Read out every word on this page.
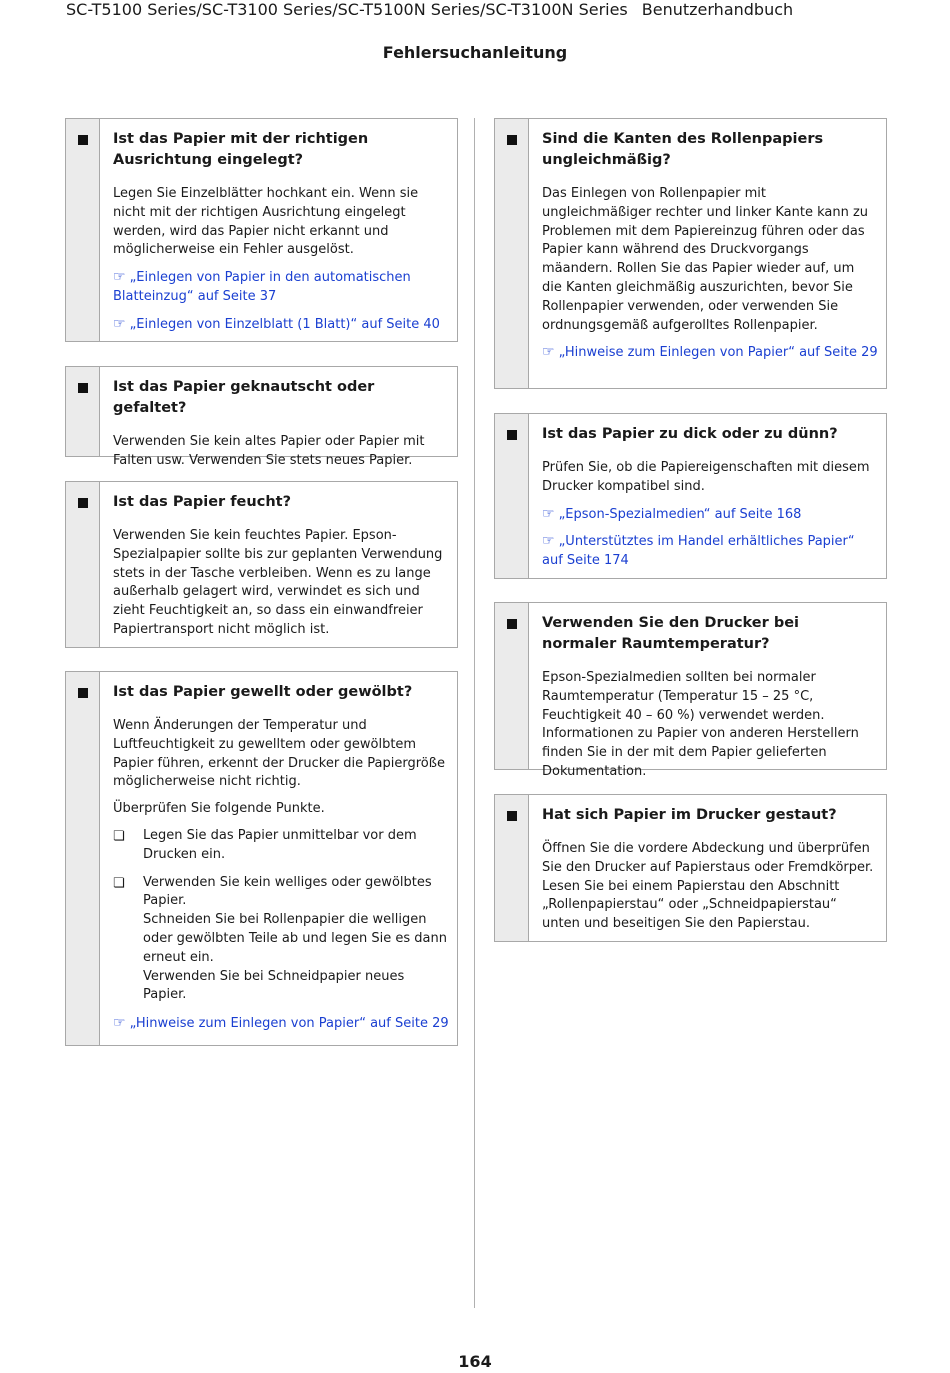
SC-T5100 Series/SC-T3100 Series/SC-T5100N Series/SC-T3100N Series Benutzerhandbuch
Fehlersuchanleitung
Ist das Papier mit der richtigen Ausrichtung eingelegt?
Legen Sie Einzelblätter hochkant ein. Wenn sie nicht mit der richtigen Ausrichtung eingelegt werden, wird das Papier nicht erkannt und möglicherweise ein Fehler ausgelöst.
☞ „Einlegen von Papier in den automatischen Blatteinzug“ auf Seite 37
☞ „Einlegen von Einzelblatt (1 Blatt)“ auf Seite 40
Ist das Papier geknautscht oder gefaltet?
Verwenden Sie kein altes Papier oder Papier mit Falten usw. Verwenden Sie stets neues Papier.
Ist das Papier feucht?
Verwenden Sie kein feuchtes Papier. Epson-Spezialpapier sollte bis zur geplanten Verwendung stets in der Tasche verbleiben. Wenn es zu lange außerhalb gelagert wird, verwindet es sich und zieht Feuchtigkeit an, so dass ein einwandfreier Papiertransport nicht möglich ist.
Ist das Papier gewellt oder gewölbt?
Wenn Änderungen der Temperatur und Luftfeuchtigkeit zu gewelltem oder gewölbtem Papier führen, erkennt der Drucker die Papiergröße möglicherweise nicht richtig.
Überprüfen Sie folgende Punkte.
❏ Legen Sie das Papier unmittelbar vor dem Drucken ein.
❏ Verwenden Sie kein welliges oder gewölbtes Papier.
Schneiden Sie bei Rollenpapier die welligen oder gewölbten Teile ab und legen Sie es dann erneut ein.
Verwenden Sie bei Schneidpapier neues Papier.
☞ „Hinweise zum Einlegen von Papier“ auf Seite 29
Sind die Kanten des Rollenpapiers ungleichmäßig?
Das Einlegen von Rollenpapier mit ungleichmäßiger rechter und linker Kante kann zu Problemen mit dem Papiereinzug führen oder das Papier kann während des Druckvorgangs mäandern. Rollen Sie das Papier wieder auf, um die Kanten gleichmäßig auszurichten, bevor Sie Rollenpapier verwenden, oder verwenden Sie ordnungsgemäß aufgerolltes Rollenpapier.
☞ „Hinweise zum Einlegen von Papier“ auf Seite 29
Ist das Papier zu dick oder zu dünn?
Prüfen Sie, ob die Papiereigenschaften mit diesem Drucker kompatibel sind.
☞ „Epson-Spezialmedien“ auf Seite 168
☞ „Unterstütztes im Handel erhältliches Papier“ auf Seite 174
Verwenden Sie den Drucker bei normaler Raumtemperatur?
Epson-Spezialmedien sollten bei normaler Raumtemperatur (Temperatur 15 – 25 °C, Feuchtigkeit 40 – 60 %) verwendet werden. Informationen zu Papier von anderen Herstellern finden Sie in der mit dem Papier gelieferten Dokumentation.
Hat sich Papier im Drucker gestaut?
Öffnen Sie die vordere Abdeckung und überprüfen Sie den Drucker auf Papierstaus oder Fremdkörper. Lesen Sie bei einem Papierstau den Abschnitt „Rollenpapierstau“ oder „Schneidpapierstau“ unten und beseitigen Sie den Papierstau.
164
